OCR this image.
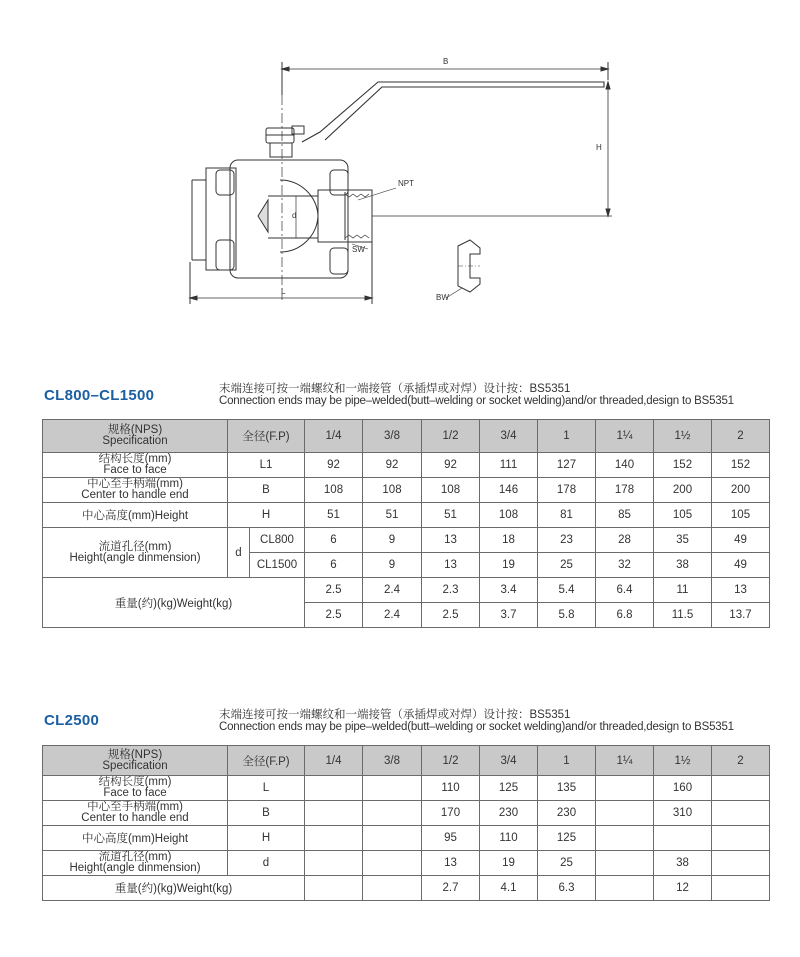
B
H
NPT
SW
L
BW
d
CL800–CL1500	末端连接可按一端螺纹和一端接管（承插焊或对焊）设计按：BS5351
Connection ends may be pipe–welded(butt–welding or socket welding)and/or threaded,design to BS5351
规格(NPS)
Specification	全径(F.P)		1/4	3/8	1/2	3/4	1	1¼	1½	2

结构长度(mm)
Face to face	L1		92	92	92	111	127	140	152	152

中心至手柄端(mm)
Center to handle end	B		108	108	108	146	178	178	200	200
中心高度(mm)Height	H		51	51	51	108	81	85	105	105

流道孔径(mm)
Height(angle dinmension)	d	CL800	6	9	13	18	23	28	35	49
		CL1500	6	9	13	19	25	32	38	49
重量(约)(kg)Weight(kg)			2.5	2.4	2.3	3.4	5.4	6.4	11	13
			2.5	2.4	2.5	3.7	5.8	6.8	11.5	13.7
CL2500	末端连接可按一端螺纹和一端接管（承插焊或对焊）设计按：BS5351
Connection ends may be pipe–welded(butt–welding or socket welding)and/or threaded,design to BS5351
规格(NPS)
Specification	全径(F.P)	1/4	3/8	1/2	3/4	1	1¼	1½	2

结构长度(mm)
Face to face	L			110	125	135		160	

中心至手柄端(mm)
Center to handle end	B			170	230	230		310	
中心高度(mm)Height	H			95	110	125			

流道孔径(mm)
Height(angle dinmension)	d			13	19	25		38	
重量(约)(kg)Weight(kg)				2.7	4.1	6.3		12	
